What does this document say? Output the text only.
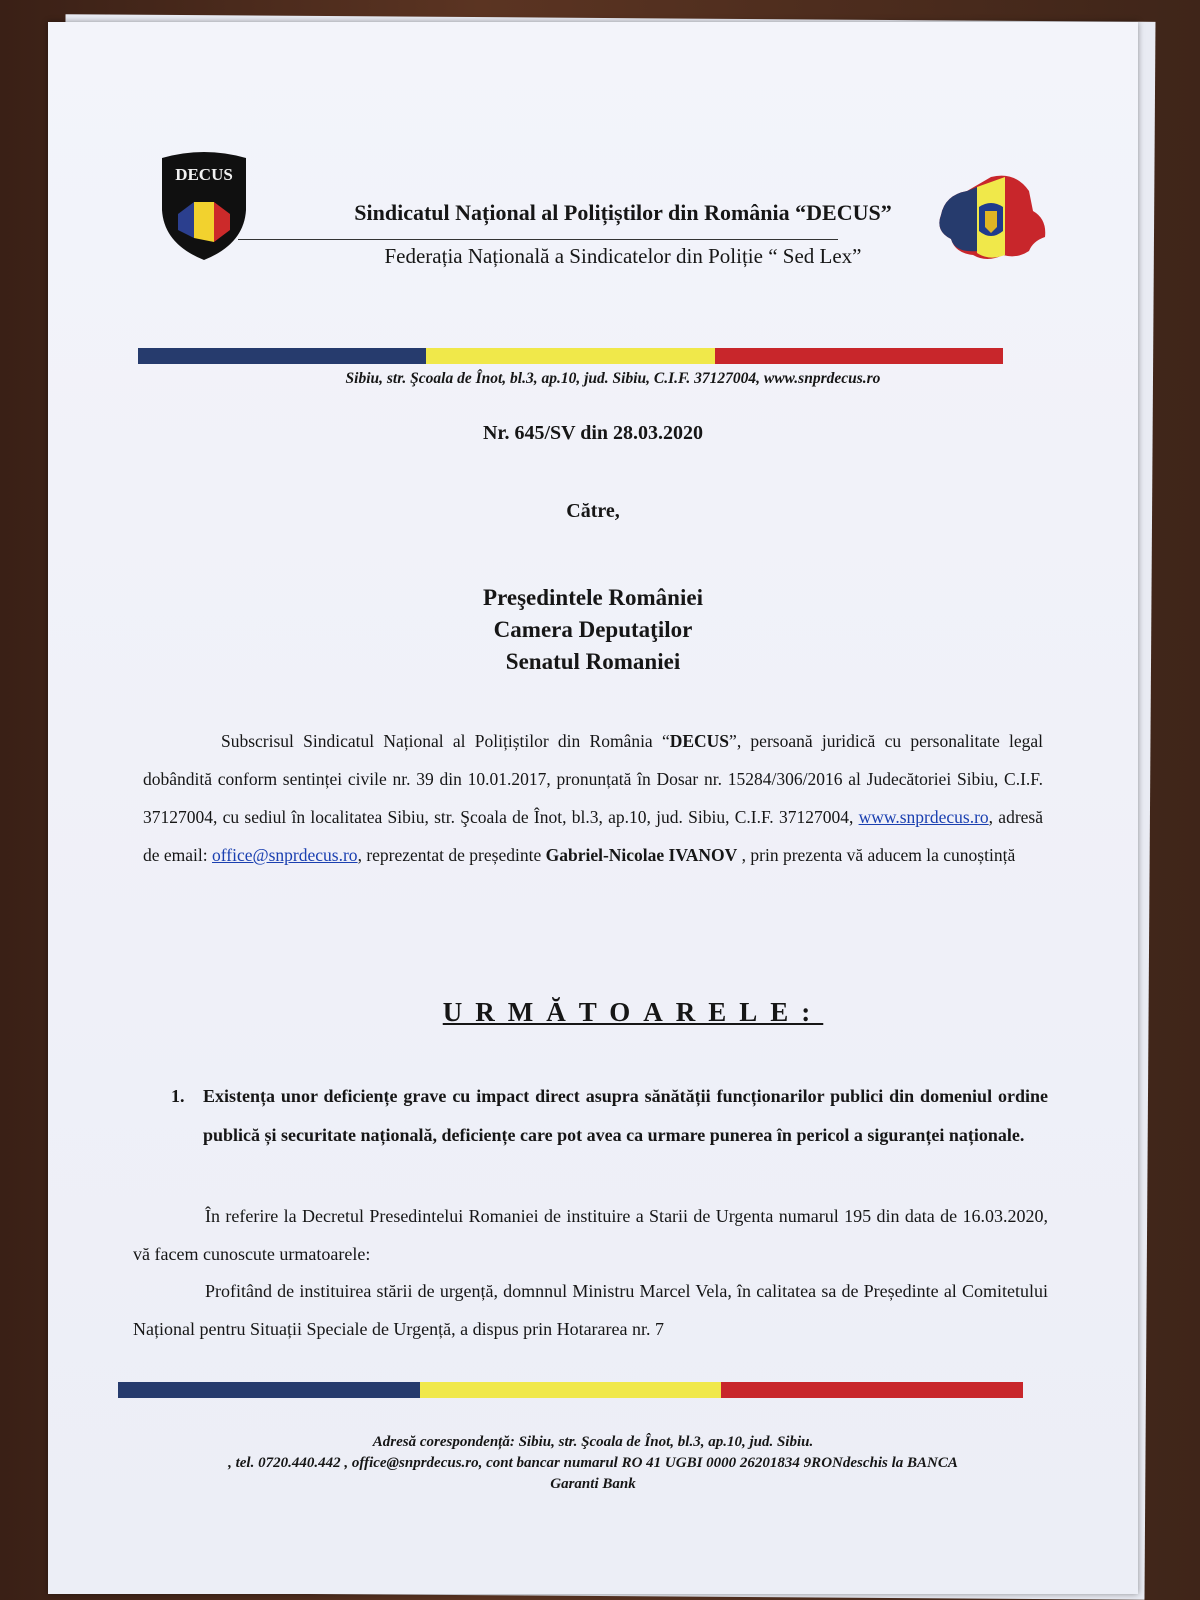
DECUS
Sindicatul Național al Polițiștilor din România “DECUS”
Federația Națională a Sindicatelor din Poliție “ Sed Lex”
Sibiu, str. Şcoala de Înot, bl.3, ap.10, jud. Sibiu, C.I.F. 37127004, www.snprdecus.ro
Nr. 645/SV din 28.03.2020
Către,
Preşedintele României
Camera Deputaţilor
Senatul Romaniei
Subscrisul Sindicatul Național al Polițiștilor din România “DECUS”, persoană juridică cu personalitate legal dobândită conform sentinței civile nr. 39 din 10.01.2017, pronunțată în Dosar nr. 15284/306/2016 al Judecătoriei Sibiu, C.I.F. 37127004, cu sediul în localitatea Sibiu, str. Şcoala de Înot, bl.3, ap.10, jud. Sibiu, C.I.F. 37127004, www.snprdecus.ro, adresă de email: office@snprdecus.ro, reprezentat de președinte Gabriel-Nicolae IVANOV , prin prezenta vă aducem la cunoștință
URMĂTOARELE:
1. Existența unor deficiențe grave cu impact direct asupra sănătății funcționarilor publici din domeniul ordine publică și securitate națională, deficiențe care pot avea ca urmare punerea în pericol a siguranței naționale.
În referire la Decretul Presedintelui Romaniei de instituire a Starii de Urgenta numarul 195 din data de 16.03.2020, vă facem cunoscute urmatoarele:
Profitând de instituirea stării de urgență, domnnul Ministru Marcel Vela, în calitatea sa de Președinte al Comitetului Național pentru Situații Speciale de Urgență, a dispus prin Hotararea nr. 7
Adresă corespondență: Sibiu, str. Şcoala de Înot, bl.3, ap.10, jud. Sibiu.
, tel. 0720.440.442 , office@snprdecus.ro, cont bancar numarul RO 41 UGBI 0000 26201834 9RONdeschis la BANCA
Garanti Bank
